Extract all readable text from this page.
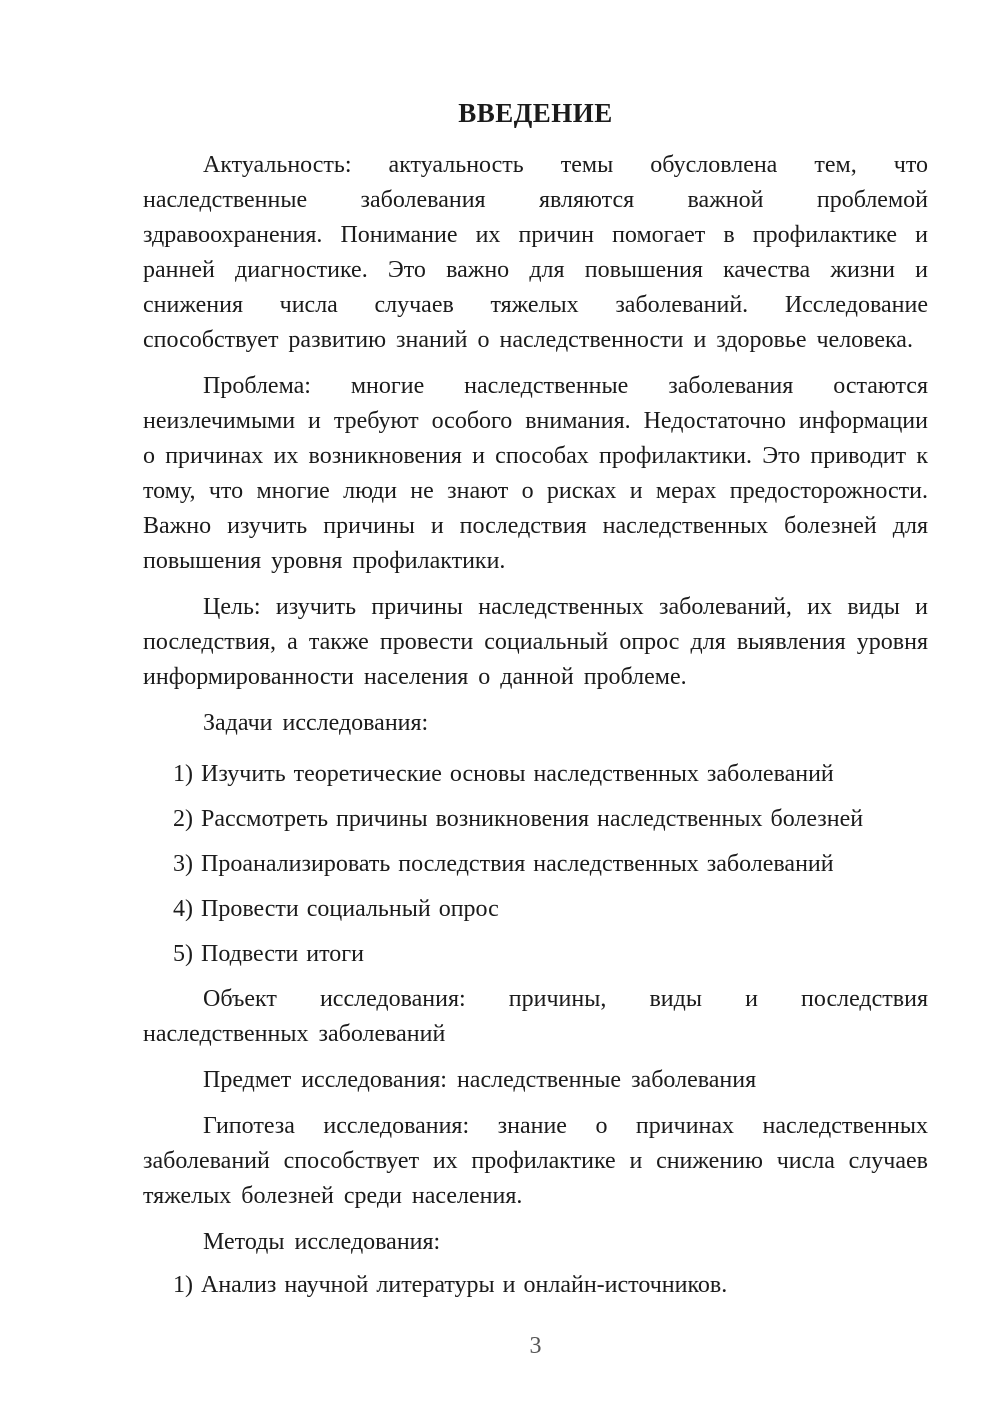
ВВЕДЕНИЕ

Актуальность: актуальность темы обусловлена тем, что наследственные заболевания являются важной проблемой здравоохранения. Понимание их причин помогает в профилактике и ранней диагностике. Это важно для повышения качества жизни и снижения числа случаев тяжелых заболеваний. Исследование способствует развитию знаний о наследственности и здоровье человека.

Проблема: многие наследственные заболевания остаются неизлечимыми и требуют особого внимания. Недостаточно информации о причинах их возникновения и способах профилактики. Это приводит к тому, что многие люди не знают о рисках и мерах предосторожности. Важно изучить причины и последствия наследственных болезней для повышения уровня профилактики.

Цель: изучить причины наследственных заболеваний, их виды и последствия, а также провести социальный опрос для выявления уровня информированности населения о данной проблеме.

Задачи исследования:

1) Изучить теоретические основы наследственных заболеваний

2) Рассмотреть причины возникновения наследственных болезней

3) Проанализировать последствия наследственных заболеваний

4) Провести социальный опрос

5) Подвести итоги

Объект исследования: причины, виды и последствия наследственных заболеваний

Предмет исследования: наследственные заболевания

Гипотеза исследования: знание о причинах наследственных заболеваний способствует их профилактике и снижению числа случаев тяжелых болезней среди населения.

Методы исследования:

1) Анализ научной литературы и онлайн-источников.

3
